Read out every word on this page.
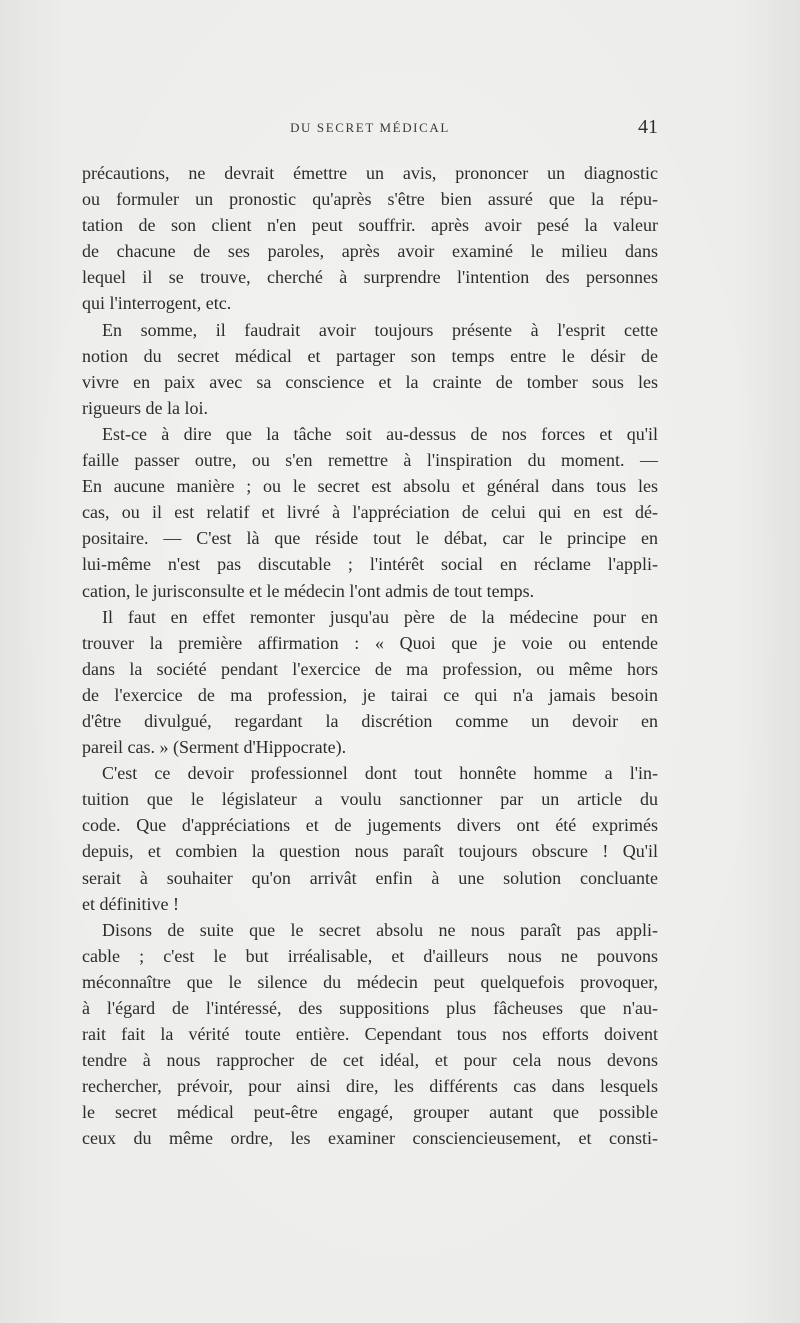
DU SECRET MÉDICAL	41
précautions, ne devrait émettre un avis, prononcer un diagnostic
ou formuler un pronostic qu'après s'être bien assuré que la répu-
tation de son client n'en peut souffrir. après avoir pesé la valeur
de chacune de ses paroles, après avoir examiné le milieu dans
lequel il se trouve, cherché à surprendre l'intention des personnes
qui l'interrogent, etc.
En somme, il faudrait avoir toujours présente à l'esprit cette
notion du secret médical et partager son temps entre le désir de
vivre en paix avec sa conscience et la crainte de tomber sous les
rigueurs de la loi.
Est-ce à dire que la tâche soit au-dessus de nos forces et qu'il
faille passer outre, ou s'en remettre à l'inspiration du moment. —
En aucune manière ; ou le secret est absolu et général dans tous les
cas, ou il est relatif et livré à l'appréciation de celui qui en est dé-
positaire. — C'est là que réside tout le débat, car le principe en
lui-même n'est pas discutable ; l'intérêt social en réclame l'appli-
cation, le jurisconsulte et le médecin l'ont admis de tout temps.
Il faut en effet remonter jusqu'au père de la médecine pour en
trouver la première affirmation : « Quoi que je voie ou entende
dans la société pendant l'exercice de ma profession, ou même hors
de l'exercice de ma profession, je tairai ce qui n'a jamais besoin
d'être divulgué, regardant la discrétion comme un devoir en
pareil cas. » (Serment d'Hippocrate).
C'est ce devoir professionnel dont tout honnête homme a l'in-
tuition que le législateur a voulu sanctionner par un article du
code. Que d'appréciations et de jugements divers ont été exprimés
depuis, et combien la question nous paraît toujours obscure ! Qu'il
serait à souhaiter qu'on arrivât enfin à une solution concluante
et définitive !
Disons de suite que le secret absolu ne nous paraît pas appli-
cable ; c'est le but irréalisable, et d'ailleurs nous ne pouvons
méconnaître que le silence du médecin peut quelquefois provoquer,
à l'égard de l'intéressé, des suppositions plus fâcheuses que n'au-
rait fait la vérité toute entière. Cependant tous nos efforts doivent
tendre à nous rapprocher de cet idéal, et pour cela nous devons
rechercher, prévoir, pour ainsi dire, les différents cas dans lesquels
le secret médical peut-être engagé, grouper autant que possible
ceux du même ordre, les examiner consciencieusement, et consti-
